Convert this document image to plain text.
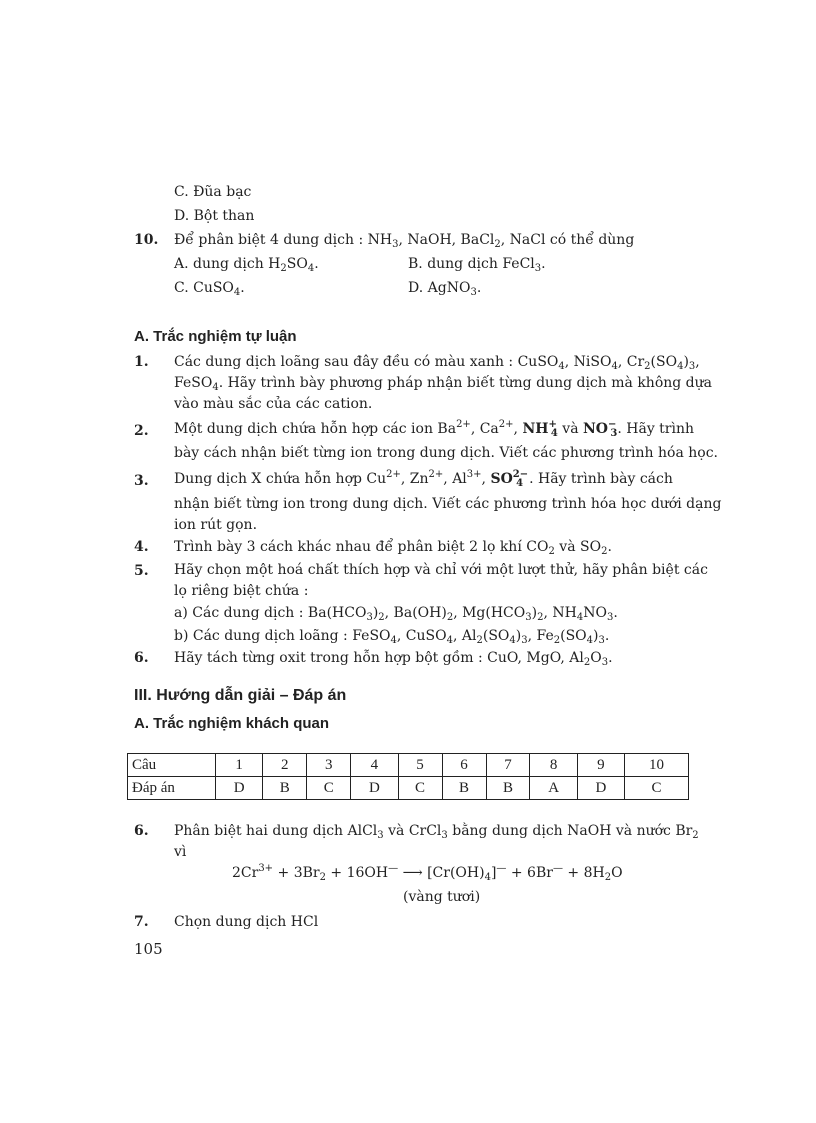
C. Đũa bạc
D. Bột than
10. Để phân biệt 4 dung dịch : $NH_3$, NaOH, BaCl$_2$, NaCl có thể dùng
A. dung dịch $H_2SO_4$.	B. dung dịch FeCl$_3$.
C. CuSO$_4$.	D. AgNO$_3$.
A. Trắc nghiệm tự luận
1. Các dung dịch loãng sau đây đều có màu xanh : CuSO$_4$, NiSO$_4$, $Cr_2(SO_4)_3$,
FeSO$_4$. Hãy trình bày phương pháp nhận biết từng dung dịch mà không dựa
vào màu sắc của các cation.
2. Một dung dịch chứa hỗn hợp các ion $Ba^{2+}$, $Ca^{2+}$, $NH^+_4$ và $NO^-_3$. Hãy trình
bày cách nhận biết từng ion trong dung dịch. Viết các phương trình hóa học.
3. Dung dịch X chứa hỗn hợp $Cu^{2+}$, $Zn^{2+}$, $Al^{3+}$, $SO^{2-}_4$ . Hãy trình bày cách
nhận biết từng ion trong dung dịch. Viết các phương trình hóa học dưới dạng
ion rút gọn.
4. Trình bày 3 cách khác nhau để phân biệt 2 lọ khí $CO_2$ và $SO_2$.
5. Hãy chọn một hoá chất thích hợp và chỉ với một lượt thử, hãy phân biệt các
lọ riêng biệt chứa :
a) Các dung dịch : $Ba(HCO_3)_2$, $Ba(OH)_2$, $Mg(HCO_3)_2$, $NH_4NO_3$.
b) Các dung dịch loãng : FeSO$_4$, CuSO$_4$, $Al_2(SO_4)_3$, $Fe_2(SO_4)_3$.
6. Hãy tách từng oxit trong hỗn hợp bột gồm : CuO, MgO, $Al_2O_3$.
III. Hướng dẫn giải – Đáp án
A. Trắc nghiệm khách quan
Câu	1	2	3	4	5	6	7	8	9	10
Đáp án	D	B	C	D	C	B	B	A	D	C
6. Phân biệt hai dung dịch AlCl$_3$ và CrCl$_3$ bằng dung dịch NaOH và nước $Br_2$
vì
$2Cr^{3+} + 3Br_2 + 16OH^—$ ⟶ $[Cr(OH)_4]^— + 6Br^— + 8H_2O$
(vàng tươi)
7. Chọn dung dịch HCl
105
